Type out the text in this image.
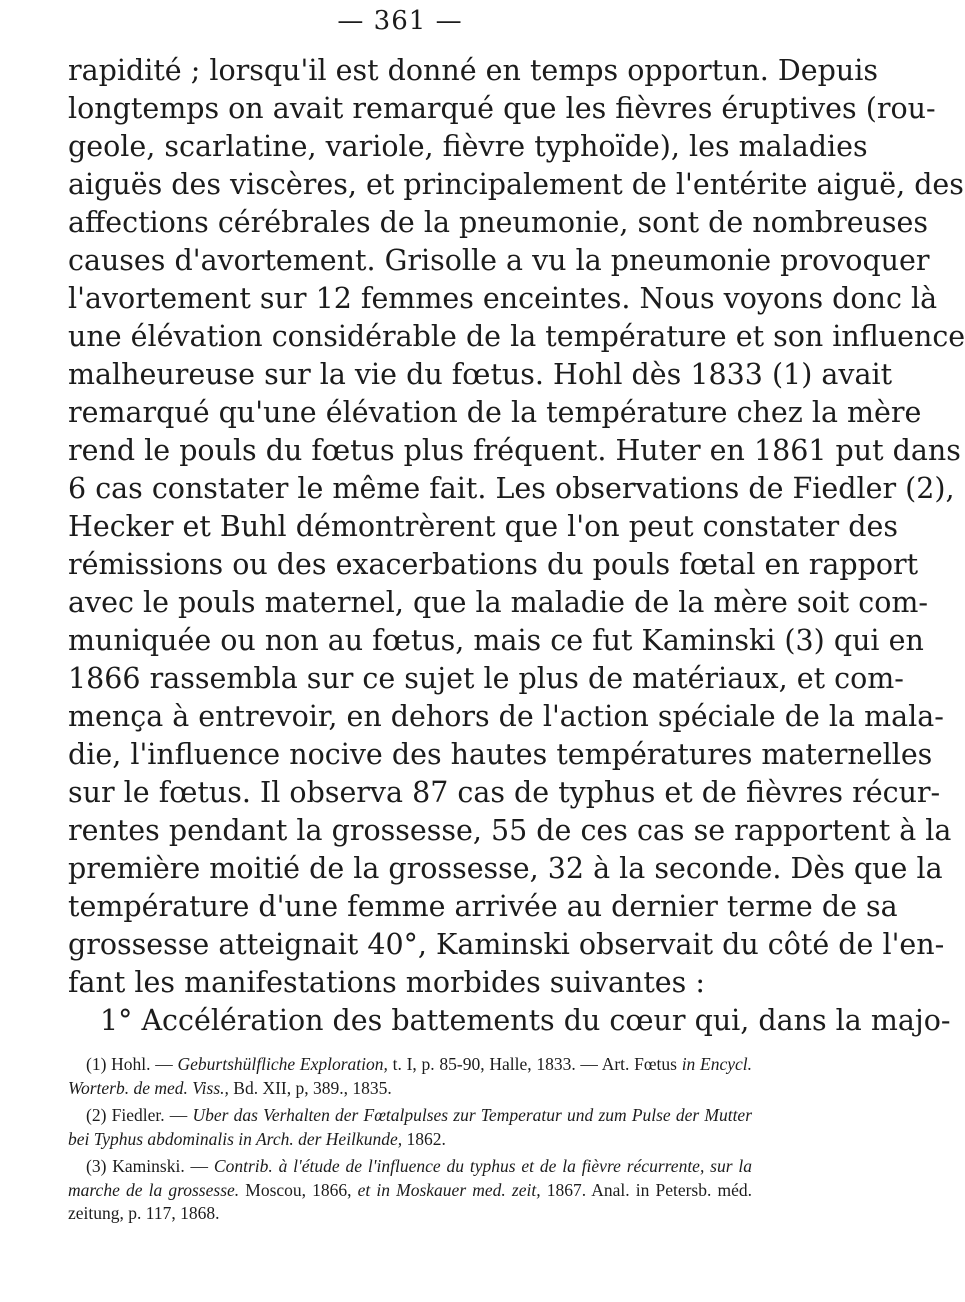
— 361 —
rapidité ; lorsqu'il est donné en temps opportun. Depuis
longtemps on avait remarqué que les fièvres éruptives (rou-
geole, scarlatine, variole, fièvre typhoïde), les maladies
aiguës des viscères, et principalement de l'entérite aiguë, des
affections cérébrales de la pneumonie, sont de nombreuses
causes d'avortement. Grisolle a vu la pneumonie provoquer
l'avortement sur 12 femmes enceintes. Nous voyons donc là
une élévation considérable de la température et son influence
malheureuse sur la vie du fœtus. Hohl dès 1833 (1) avait
remarqué qu'une élévation de la température chez la mère
rend le pouls du fœtus plus fréquent. Huter en 1861 put dans
6 cas constater le même fait. Les observations de Fiedler (2),
Hecker et Buhl démontrèrent que l'on peut constater des
rémissions ou des exacerbations du pouls fœtal en rapport
avec le pouls maternel, que la maladie de la mère soit com-
muniquée ou non au fœtus, mais ce fut Kaminski (3) qui en
1866 rassembla sur ce sujet le plus de matériaux, et com-
mença à entrevoir, en dehors de l'action spéciale de la mala-
die, l'influence nocive des hautes températures maternelles
sur le fœtus. Il observa 87 cas de typhus et de fièvres récur-
rentes pendant la grossesse, 55 de ces cas se rapportent à la
première moitié de la grossesse, 32 à la seconde. Dès que la
température d'une femme arrivée au dernier terme de sa
grossesse atteignait 40°, Kaminski observait du côté de l'en-
fant les manifestations morbides suivantes :
1° Accélération des battements du cœur qui, dans la majo-

(1) Hohl. — Geburtshülfliche Exploration, t. I, p. 85-90, Halle, 1833. — Art. Fœtus in Encycl. Worterb. de med. Viss., Bd. XII, p, 389., 1835.

(2) Fiedler. — Uber das Verhalten der Fœtalpulses zur Temperatur und zum Pulse der Mutter bei Typhus abdominalis in Arch. der Heilkunde, 1862.

(3) Kaminski. — Contrib. à l'étude de l'influence du typhus et de la fièvre récurrente, sur la marche de la grossesse. Moscou, 1866, et in Moskauer med. zeit, 1867. Anal. in Petersb. méd. zeitung, p. 117, 1868.
